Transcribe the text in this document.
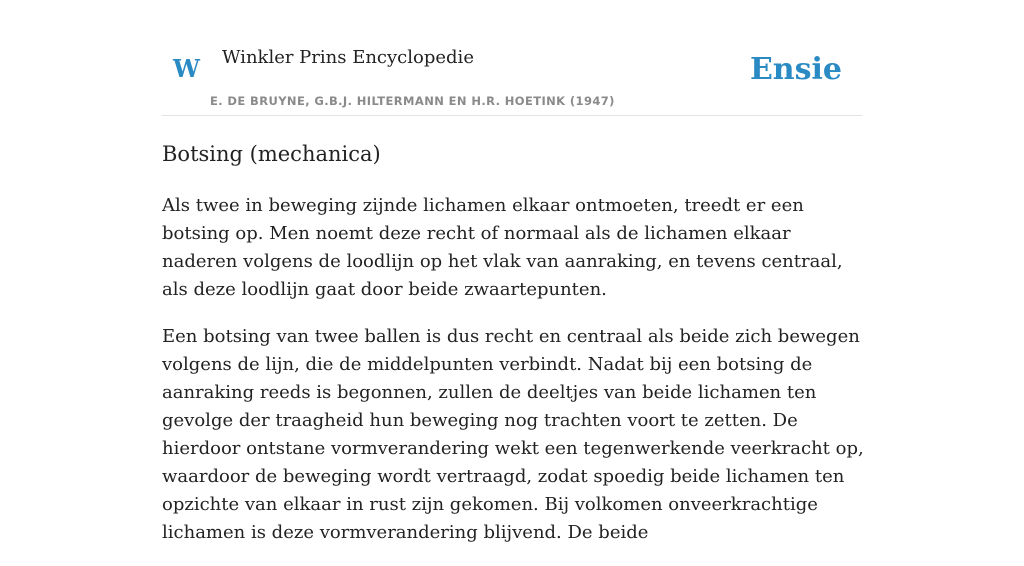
W Winkler Prins Encyclopedie
E. DE BRUYNE, G.B.J. HILTERMANN EN H.R. HOETINK (1947)
Ensie
Botsing (mechanica)

Als twee in beweging zijnde lichamen elkaar ontmoeten, treedt er een botsing op. Men noemt deze recht of normaal als de lichamen elkaar naderen volgens de loodlijn op het vlak van aanraking, en tevens centraal, als deze loodlijn gaat door beide zwaartepunten.

Een botsing van twee ballen is dus recht en centraal als beide zich bewegen volgens de lijn, die de middelpunten verbindt. Nadat bij een botsing de aanraking reeds is begonnen, zullen de deeltjes van beide lichamen ten gevolge der traagheid hun beweging nog trachten voort te zetten. De hierdoor ontstane vormverandering wekt een tegenwerkende veerkracht op, waardoor de beweging wordt vertraagd, zodat spoedig beide lichamen ten opzichte van elkaar in rust zijn gekomen. Bij volkomen onveerkrachtige lichamen is deze vormverandering blijvend. De beide
